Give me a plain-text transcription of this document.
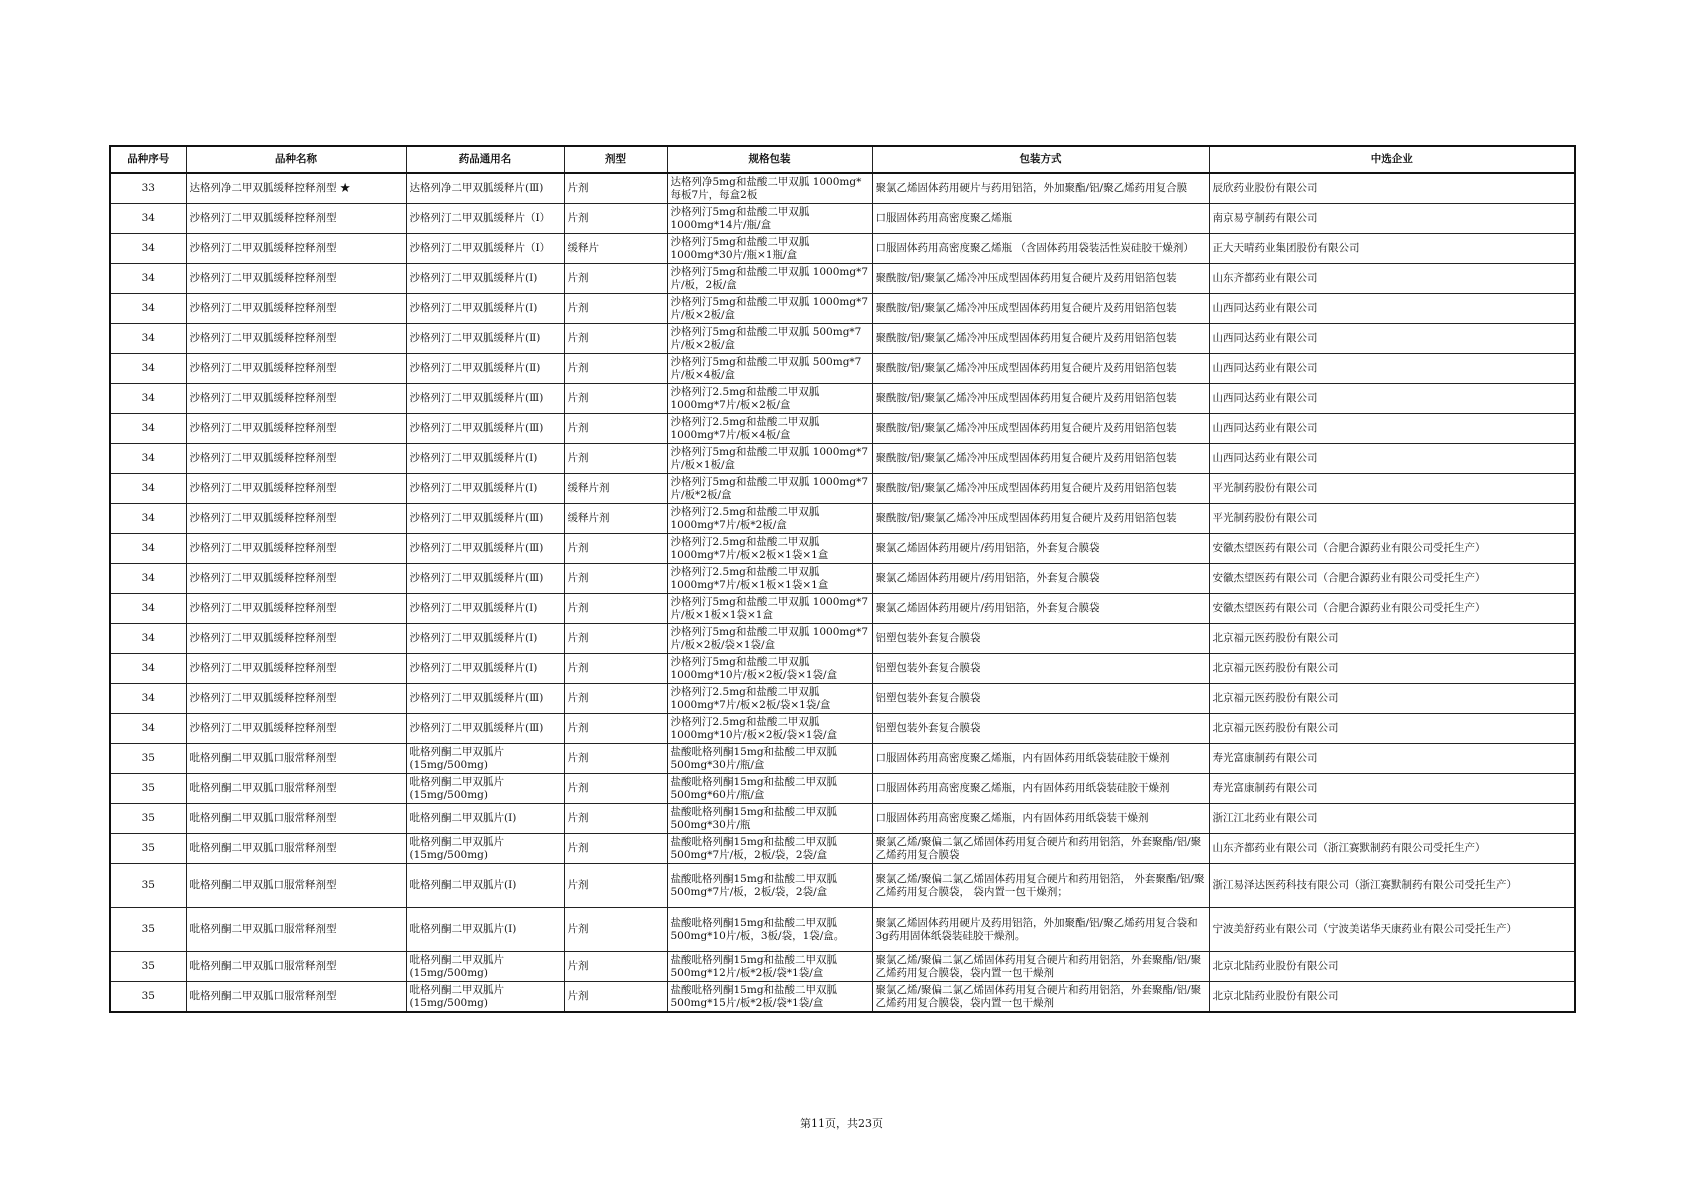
品种序号	品种名称	药品通用名	剂型	规格包装	包装方式	中选企业
33	达格列净二甲双胍缓释控释剂型 ★	达格列净二甲双胍缓释片(Ⅲ)	片剂	达格列净5mg和盐酸二甲双胍 1000mg*每板7片，每盒2板	聚氯乙烯固体药用硬片与药用铝箔，外加聚酯/铝/聚乙烯药用复合膜	辰欣药业股份有限公司
34	沙格列汀二甲双胍缓释控释剂型	沙格列汀二甲双胍缓释片（Ⅰ）	片剂	沙格列汀5mg和盐酸二甲双胍 1000mg*14片/瓶/盒	口服固体药用高密度聚乙烯瓶	南京易亨制药有限公司
34	沙格列汀二甲双胍缓释控释剂型	沙格列汀二甲双胍缓释片（Ⅰ）	缓释片	沙格列汀5mg和盐酸二甲双胍 1000mg*30片/瓶×1瓶/盒	口服固体药用高密度聚乙烯瓶 （含固体药用袋装活性炭硅胶干燥剂）	正大天晴药业集团股份有限公司
34	沙格列汀二甲双胍缓释控释剂型	沙格列汀二甲双胍缓释片(Ⅰ)	片剂	沙格列汀5mg和盐酸二甲双胍 1000mg*7片/板，2板/盒	聚酰胺/铝/聚氯乙烯冷冲压成型固体药用复合硬片及药用铝箔包装	山东齐都药业有限公司
34	沙格列汀二甲双胍缓释控释剂型	沙格列汀二甲双胍缓释片(Ⅰ)	片剂	沙格列汀5mg和盐酸二甲双胍 1000mg*7片/板×2板/盒	聚酰胺/铝/聚氯乙烯冷冲压成型固体药用复合硬片及药用铝箔包装	山西同达药业有限公司
34	沙格列汀二甲双胍缓释控释剂型	沙格列汀二甲双胍缓释片(Ⅱ)	片剂	沙格列汀5mg和盐酸二甲双胍 500mg*7片/板×2板/盒	聚酰胺/铝/聚氯乙烯冷冲压成型固体药用复合硬片及药用铝箔包装	山西同达药业有限公司
34	沙格列汀二甲双胍缓释控释剂型	沙格列汀二甲双胍缓释片(Ⅱ)	片剂	沙格列汀5mg和盐酸二甲双胍 500mg*7片/板×4板/盒	聚酰胺/铝/聚氯乙烯冷冲压成型固体药用复合硬片及药用铝箔包装	山西同达药业有限公司
34	沙格列汀二甲双胍缓释控释剂型	沙格列汀二甲双胍缓释片(Ⅲ)	片剂	沙格列汀2.5mg和盐酸二甲双胍 1000mg*7片/板×2板/盒	聚酰胺/铝/聚氯乙烯冷冲压成型固体药用复合硬片及药用铝箔包装	山西同达药业有限公司
34	沙格列汀二甲双胍缓释控释剂型	沙格列汀二甲双胍缓释片(Ⅲ)	片剂	沙格列汀2.5mg和盐酸二甲双胍 1000mg*7片/板×4板/盒	聚酰胺/铝/聚氯乙烯冷冲压成型固体药用复合硬片及药用铝箔包装	山西同达药业有限公司
34	沙格列汀二甲双胍缓释控释剂型	沙格列汀二甲双胍缓释片(Ⅰ)	片剂	沙格列汀5mg和盐酸二甲双胍 1000mg*7片/板×1板/盒	聚酰胺/铝/聚氯乙烯冷冲压成型固体药用复合硬片及药用铝箔包装	山西同达药业有限公司
34	沙格列汀二甲双胍缓释控释剂型	沙格列汀二甲双胍缓释片(Ⅰ)	缓释片剂	沙格列汀5mg和盐酸二甲双胍 1000mg*7片/板*2板/盒	聚酰胺/铝/聚氯乙烯冷冲压成型固体药用复合硬片及药用铝箔包装	平光制药股份有限公司
34	沙格列汀二甲双胍缓释控释剂型	沙格列汀二甲双胍缓释片(Ⅲ)	缓释片剂	沙格列汀2.5mg和盐酸二甲双胍 1000mg*7片/板*2板/盒	聚酰胺/铝/聚氯乙烯冷冲压成型固体药用复合硬片及药用铝箔包装	平光制药股份有限公司
34	沙格列汀二甲双胍缓释控释剂型	沙格列汀二甲双胍缓释片(Ⅲ)	片剂	沙格列汀2.5mg和盐酸二甲双胍 1000mg*7片/板×2板×1袋×1盒	聚氯乙烯固体药用硬片/药用铝箔，外套复合膜袋	安徽杰望医药有限公司（合肥合源药业有限公司受托生产）
34	沙格列汀二甲双胍缓释控释剂型	沙格列汀二甲双胍缓释片(Ⅲ)	片剂	沙格列汀2.5mg和盐酸二甲双胍 1000mg*7片/板×1板×1袋×1盒	聚氯乙烯固体药用硬片/药用铝箔，外套复合膜袋	安徽杰望医药有限公司（合肥合源药业有限公司受托生产）
34	沙格列汀二甲双胍缓释控释剂型	沙格列汀二甲双胍缓释片(Ⅰ)	片剂	沙格列汀5mg和盐酸二甲双胍 1000mg*7片/板×1板×1袋×1盒	聚氯乙烯固体药用硬片/药用铝箔，外套复合膜袋	安徽杰望医药有限公司（合肥合源药业有限公司受托生产）
34	沙格列汀二甲双胍缓释控释剂型	沙格列汀二甲双胍缓释片(Ⅰ)	片剂	沙格列汀5mg和盐酸二甲双胍 1000mg*7片/板×2板/袋×1袋/盒	铝塑包装外套复合膜袋	北京福元医药股份有限公司
34	沙格列汀二甲双胍缓释控释剂型	沙格列汀二甲双胍缓释片(Ⅰ)	片剂	沙格列汀5mg和盐酸二甲双胍 1000mg*10片/板×2板/袋×1袋/盒	铝塑包装外套复合膜袋	北京福元医药股份有限公司
34	沙格列汀二甲双胍缓释控释剂型	沙格列汀二甲双胍缓释片(Ⅲ)	片剂	沙格列汀2.5mg和盐酸二甲双胍 1000mg*7片/板×2板/袋×1袋/盒	铝塑包装外套复合膜袋	北京福元医药股份有限公司
34	沙格列汀二甲双胍缓释控释剂型	沙格列汀二甲双胍缓释片(Ⅲ)	片剂	沙格列汀2.5mg和盐酸二甲双胍 1000mg*10片/板×2板/袋×1袋/盒	铝塑包装外套复合膜袋	北京福元医药股份有限公司
35	吡格列酮二甲双胍口服常释剂型	吡格列酮二甲双胍片 (15mg/500mg)	片剂	盐酸吡格列酮15mg和盐酸二甲双胍 500mg*30片/瓶/盒	口服固体药用高密度聚乙烯瓶，内有固体药用纸袋装硅胶干燥剂	寿光富康制药有限公司
35	吡格列酮二甲双胍口服常释剂型	吡格列酮二甲双胍片 (15mg/500mg)	片剂	盐酸吡格列酮15mg和盐酸二甲双胍 500mg*60片/瓶/盒	口服固体药用高密度聚乙烯瓶，内有固体药用纸袋装硅胶干燥剂	寿光富康制药有限公司
35	吡格列酮二甲双胍口服常释剂型	吡格列酮二甲双胍片(Ⅰ)	片剂	盐酸吡格列酮15mg和盐酸二甲双胍 500mg*30片/瓶	口服固体药用高密度聚乙烯瓶，内有固体药用纸袋装干燥剂	浙江江北药业有限公司
35	吡格列酮二甲双胍口服常释剂型	吡格列酮二甲双胍片 (15mg/500mg)	片剂	盐酸吡格列酮15mg和盐酸二甲双胍 500mg*7片/板，2板/袋，2袋/盒	聚氯乙烯/聚偏二氯乙烯固体药用复合硬片和药用铝箔，外套聚酯/铝/聚乙烯药用复合膜袋	山东齐都药业有限公司（浙江赛默制药有限公司受托生产）
35	吡格列酮二甲双胍口服常释剂型	吡格列酮二甲双胍片(Ⅰ)	片剂	盐酸吡格列酮15mg和盐酸二甲双胍 500mg*7片/板，2板/袋，2袋/盒	聚氯乙烯/聚偏二氯乙烯固体药用复合硬片和药用铝箔， 外套聚酯/铝/聚乙烯药用复合膜袋， 袋内置一包干燥剂；	浙江易泽达医药科技有限公司（浙江赛默制药有限公司受托生产）
35	吡格列酮二甲双胍口服常释剂型	吡格列酮二甲双胍片(Ⅰ)	片剂	盐酸吡格列酮15mg和盐酸二甲双胍 500mg*10片/板，3板/袋，1袋/盒。	聚氯乙烯固体药用硬片及药用铝箔，外加聚酯/铝/聚乙烯药用复合袋和3g药用固体纸袋装硅胶干燥剂。	宁波美舒药业有限公司（宁波美诺华天康药业有限公司受托生产）
35	吡格列酮二甲双胍口服常释剂型	吡格列酮二甲双胍片 (15mg/500mg)	片剂	盐酸吡格列酮15mg和盐酸二甲双胍 500mg*12片/板*2板/袋*1袋/盒	聚氯乙烯/聚偏二氯乙烯固体药用复合硬片和药用铝箔，外套聚酯/铝/聚乙烯药用复合膜袋，袋内置一包干燥剂	北京北陆药业股份有限公司
35	吡格列酮二甲双胍口服常释剂型	吡格列酮二甲双胍片 (15mg/500mg)	片剂	盐酸吡格列酮15mg和盐酸二甲双胍 500mg*15片/板*2板/袋*1袋/盒	聚氯乙烯/聚偏二氯乙烯固体药用复合硬片和药用铝箔，外套聚酯/铝/聚乙烯药用复合膜袋，袋内置一包干燥剂	北京北陆药业股份有限公司
第11页，共23页
